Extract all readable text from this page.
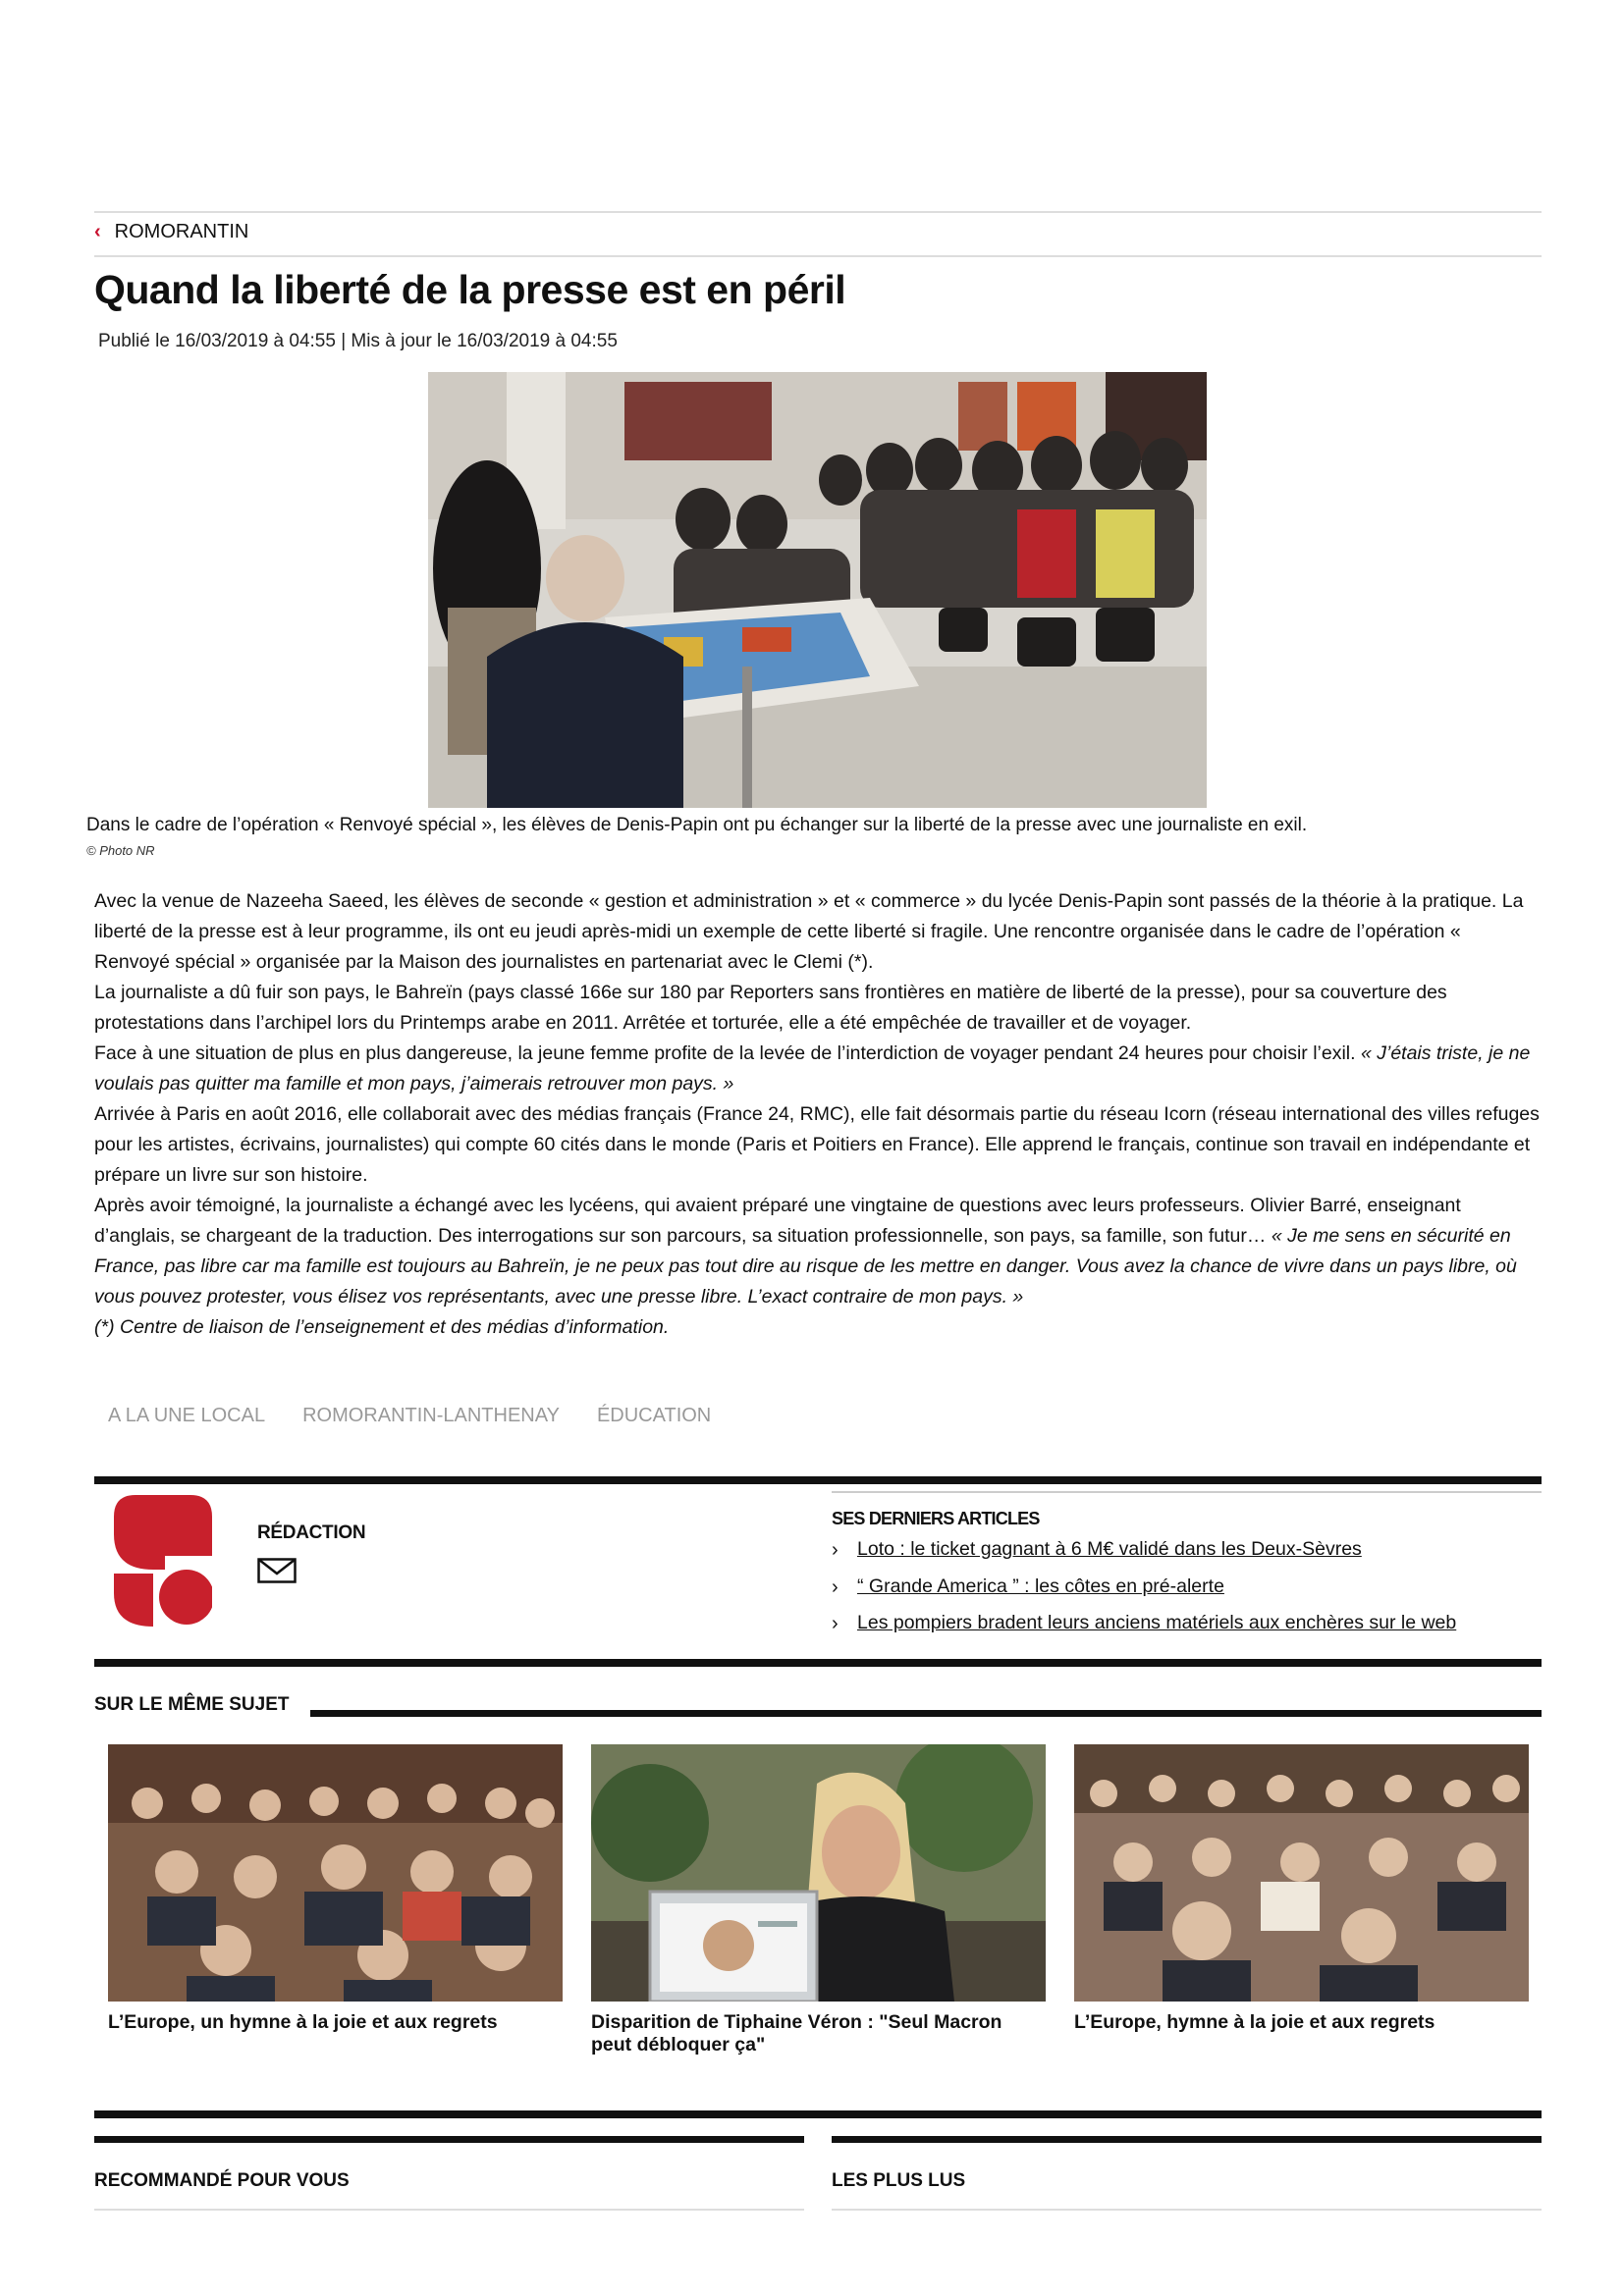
‹ ROMORANTIN
Quand la liberté de la presse est en péril
Publié le 16/03/2019 à 04:55 | Mis à jour le 16/03/2019 à 04:55
Dans le cadre de l’opération « Renvoyé spécial », les élèves de Denis-Papin ont pu échanger sur la liberté de la presse avec une journaliste en exil.
© Photo NR

Avec la venue de Nazeeha Saeed, les élèves de seconde « gestion et administration » et « commerce » du lycée Denis-Papin sont passés de la théorie à la pratique. La liberté de la presse est à leur programme, ils ont eu jeudi après-midi un exemple de cette liberté si fragile. Une rencontre organisée dans le cadre de l’opération « Renvoyé spécial » organisée par la Maison des journalistes en partenariat avec le Clemi (*).

La journaliste a dû fuir son pays, le Bahreïn (pays classé 166e sur 180 par Reporters sans frontières en matière de liberté de la presse), pour sa couverture des protestations dans l’archipel lors du Printemps arabe en 2011. Arrêtée et torturée, elle a été empêchée de travailler et de voyager.

Face à une situation de plus en plus dangereuse, la jeune femme profite de la levée de l’interdiction de voyager pendant 24 heures pour choisir l’exil. « J’étais triste, je ne voulais pas quitter ma famille et mon pays, j’aimerais retrouver mon pays. »

Arrivée à Paris en août 2016, elle collaborait avec des médias français (France 24, RMC), elle fait désormais partie du réseau Icorn (réseau international des villes refuges pour les artistes, écrivains, journalistes) qui compte 60 cités dans le monde (Paris et Poitiers en France). Elle apprend le français, continue son travail en indépendante et prépare un livre sur son histoire.

Après avoir témoigné, la journaliste a échangé avec les lycéens, qui avaient préparé une vingtaine de questions avec leurs professeurs. Olivier Barré, enseignant d’anglais, se chargeant de la traduction. Des interrogations sur son parcours, sa situation professionnelle, son pays, sa famille, son futur… « Je me sens en sécurité en France, pas libre car ma famille est toujours au Bahreïn, je ne peux pas tout dire au risque de les mettre en danger. Vous avez la chance de vivre dans un pays libre, où vous pouvez protester, vous élisez vos représentants, avec une presse libre. L’exact contraire de mon pays. »

(*) Centre de liaison de l’enseignement et des médias d’information.

A LA UNE LOCAL ROMORANTIN-LANTHENAY ÉDUCATION
RÉDACTION
SES DERNIERS ARTICLES
› Loto : le ticket gagnant à 6 M€ validé dans les Deux-Sèvres
› “ Grande America ” : les côtes en pré-alerte
› Les pompiers bradent leurs anciens matériels aux enchères sur le web
SUR LE MÊME SUJET
L’Europe, un hymne à la joie et aux regrets	Disparition de Tiphaine Véron : "Seul Macron peut débloquer ça"
L’Europe, hymne à la joie et aux regrets
RECOMMANDÉ POUR VOUS	LES PLUS LUS
